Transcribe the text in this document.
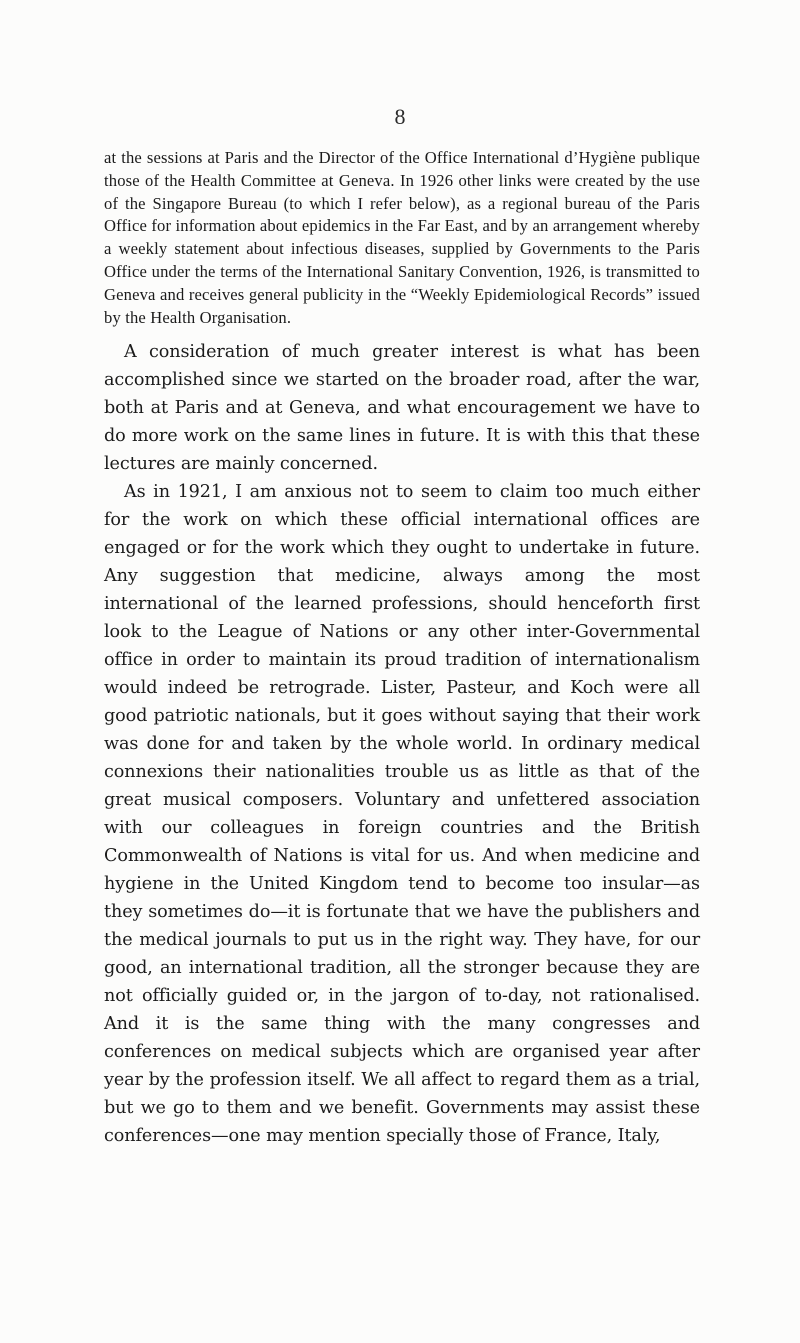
8

at the sessions at Paris and the Director of the Office International d’Hygiène publique those of the Health Committee at Geneva. In 1926 other links were created by the use of the Singapore Bureau (to which I refer below), as a regional bureau of the Paris Office for information about epidemics in the Far East, and by an arrangement whereby a weekly statement about infectious diseases, supplied by Governments to the Paris Office under the terms of the International Sanitary Convention, 1926, is transmitted to Geneva and receives general publicity in the “Weekly Epidemiological Records” issued by the Health Organisation.

A consideration of much greater interest is what has been accomplished since we started on the broader road, after the war, both at Paris and at Geneva, and what encouragement we have to do more work on the same lines in future. It is with this that these lectures are mainly concerned.

As in 1921, I am anxious not to seem to claim too much either for the work on which these official international offices are engaged or for the work which they ought to undertake in future. Any suggestion that medicine, always among the most international of the learned professions, should henceforth first look to the League of Nations or any other inter-Governmental office in order to maintain its proud tradition of internationalism would indeed be retrograde. Lister, Pasteur, and Koch were all good patriotic nationals, but it goes without saying that their work was done for and taken by the whole world. In ordinary medical connexions their nationalities trouble us as little as that of the great musical composers. Voluntary and unfettered association with our colleagues in foreign countries and the British Commonwealth of Nations is vital for us. And when medicine and hygiene in the United Kingdom tend to become too insular—as they sometimes do—it is fortunate that we have the publishers and the medical journals to put us in the right way. They have, for our good, an international tradition, all the stronger because they are not officially guided or, in the jargon of to-day, not rationalised. And it is the same thing with the many congresses and conferences on medical subjects which are organised year after year by the profession itself. We all affect to regard them as a trial, but we go to them and we benefit. Governments may assist these conferences—one may mention specially those of France, Italy,
